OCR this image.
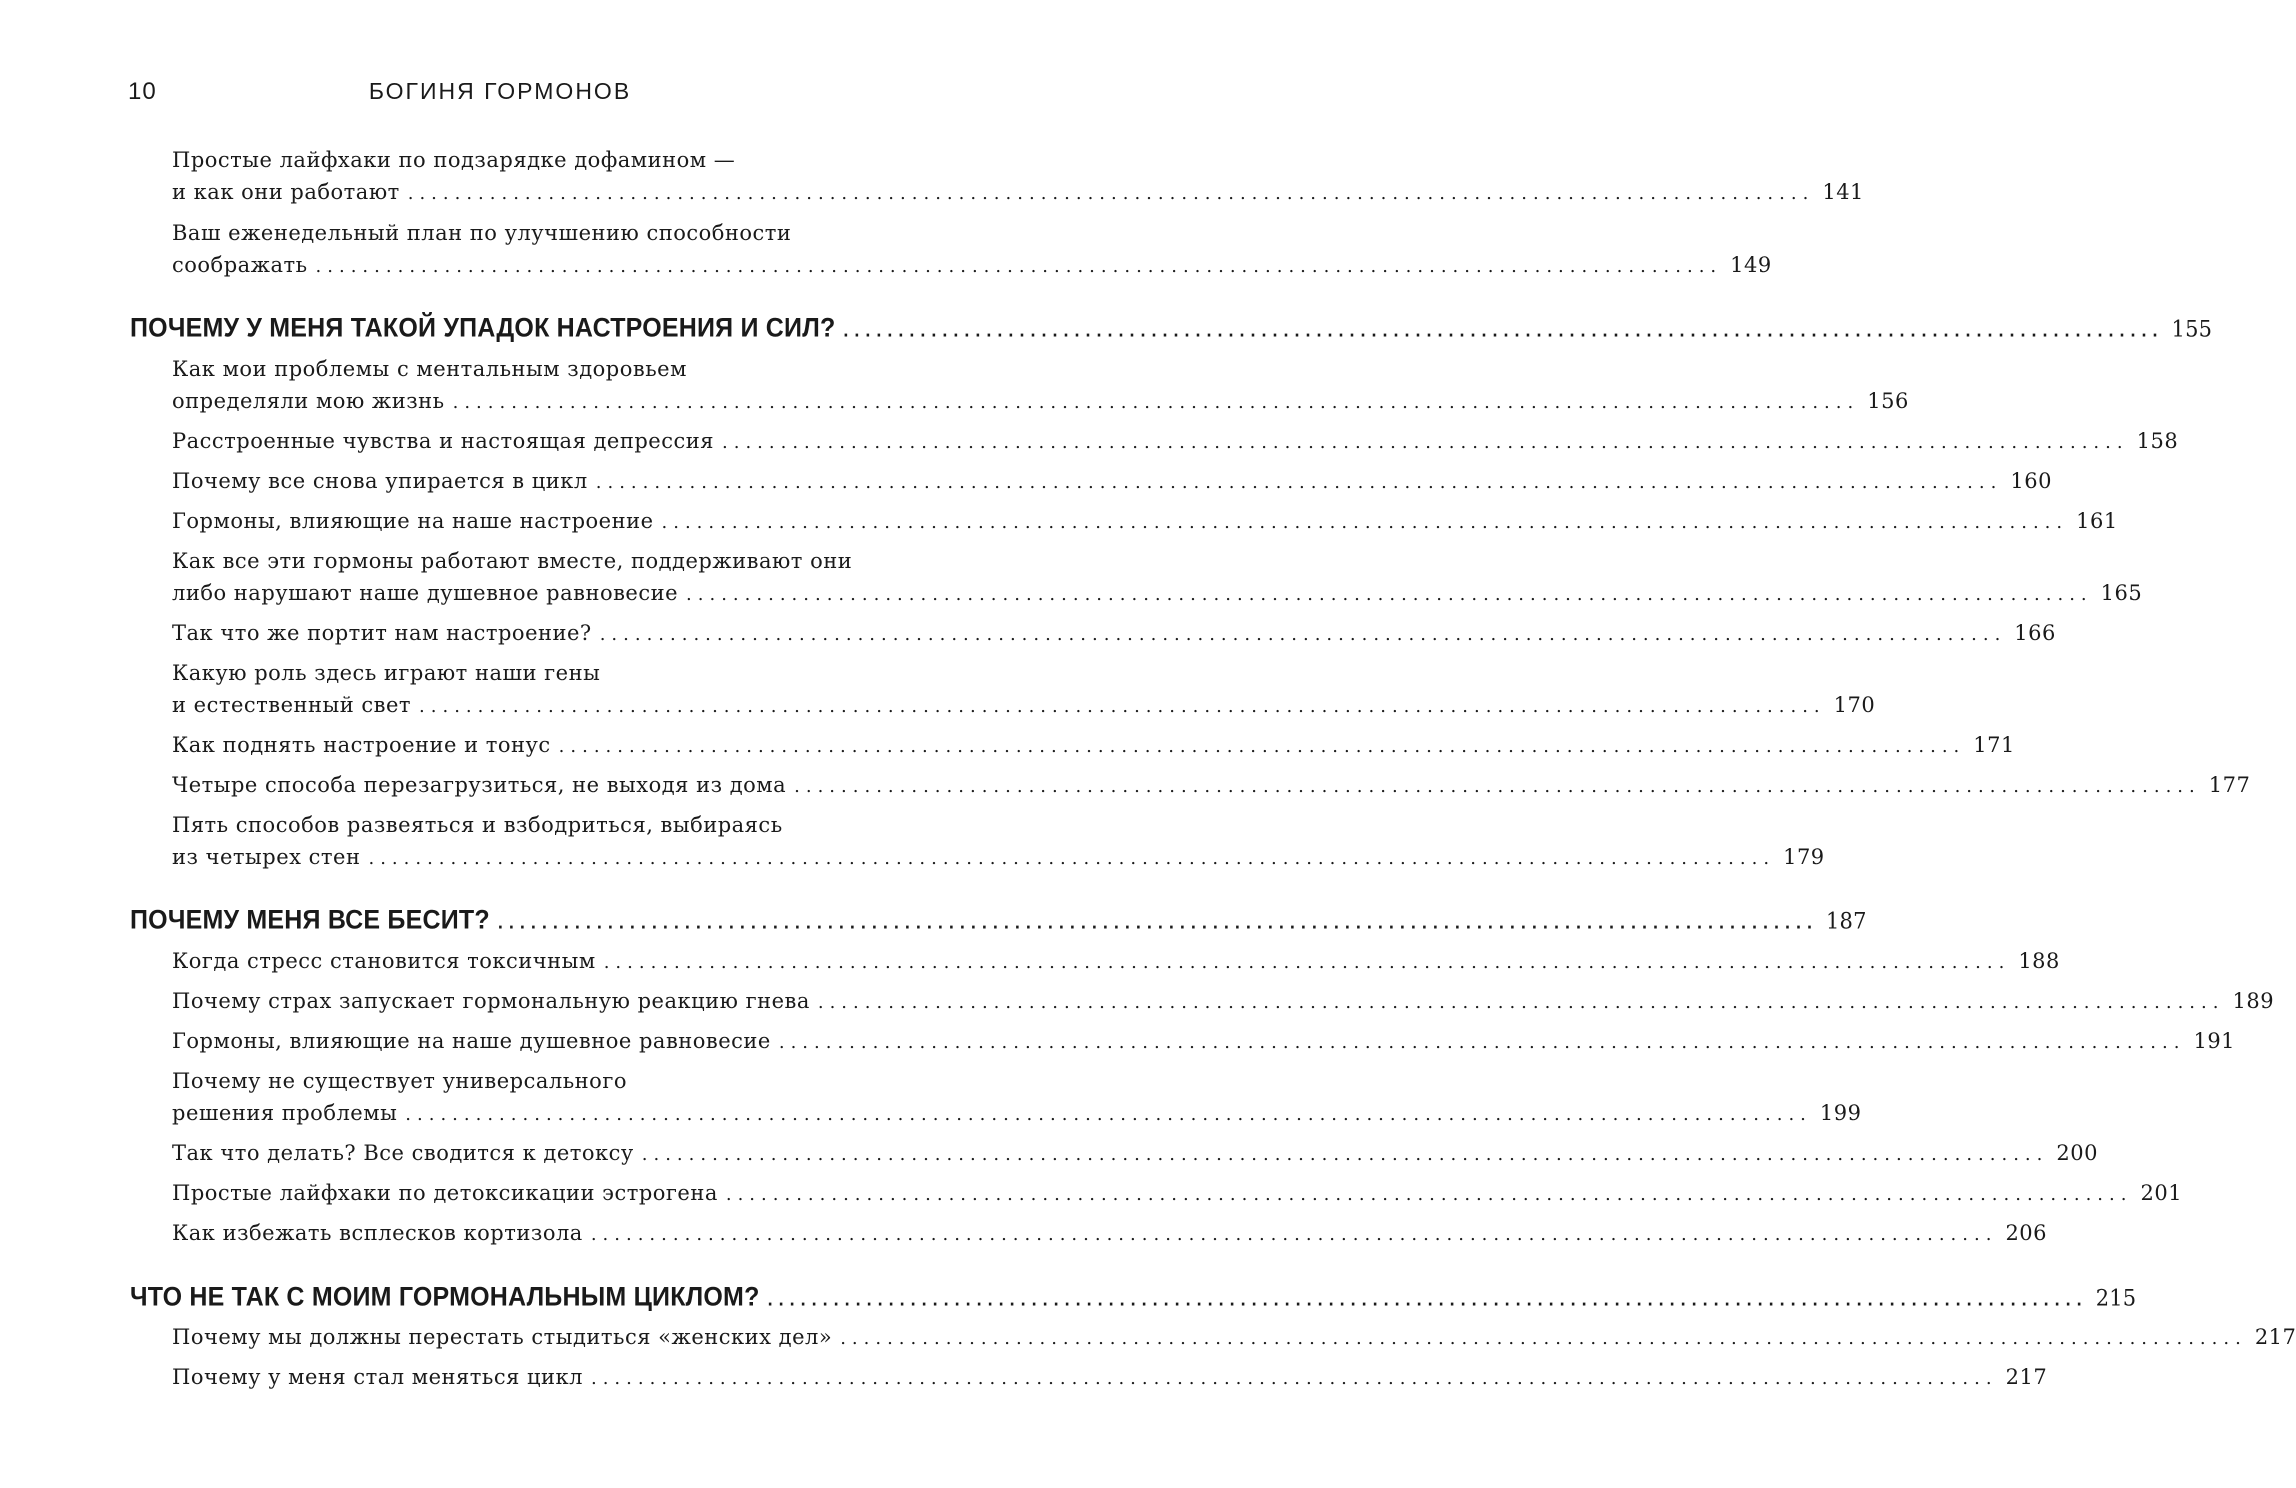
10	БОГИНЯ ГОРМОНОВ
Простые лайфхаки по подзарядке дофамином —
и как они работают ........................................................................................................................ 141
Ваш еженедельный план по улучшению способности
соображать ........................................................................................................................ 149
ПОЧЕМУ У МЕНЯ ТАКОЙ УПАДОК НАСТРОЕНИЯ И СИЛ? ........................................................................................................................ 155
Как мои проблемы с ментальным здоровьем
определяли мою жизнь ........................................................................................................................ 156
Расстроенные чувства и настоящая депрессия ........................................................................................................................ 158
Почему все снова упирается в цикл ........................................................................................................................ 160
Гормоны, влияющие на наше настроение ........................................................................................................................ 161
Как все эти гормоны работают вместе, поддерживают они
либо нарушают наше душевное равновесие ........................................................................................................................ 165
Так что же портит нам настроение? ........................................................................................................................ 166
Какую роль здесь играют наши гены
и естественный свет ........................................................................................................................ 170
Как поднять настроение и тонус ........................................................................................................................ 171
Четыре способа перезагрузиться, не выходя из дома ........................................................................................................................ 177
Пять способов развеяться и взбодриться, выбираясь
из четырех стен ........................................................................................................................ 179
ПОЧЕМУ МЕНЯ ВСЕ БЕСИТ? ........................................................................................................................ 187
Когда стресс становится токсичным ........................................................................................................................ 188
Почему страх запускает гормональную реакцию гнева ........................................................................................................................ 189
Гормоны, влияющие на наше душевное равновесие ........................................................................................................................ 191
Почему не существует универсального
решения проблемы ........................................................................................................................ 199
Так что делать? Все сводится к детоксу ........................................................................................................................ 200
Простые лайфхаки по детоксикации эстрогена ........................................................................................................................ 201
Как избежать всплесков кортизола ........................................................................................................................ 206
ЧТО НЕ ТАК С МОИМ ГОРМОНАЛЬНЫМ ЦИКЛОМ? ........................................................................................................................ 215
Почему мы должны перестать стыдиться «женских дел» ........................................................................................................................ 217
Почему у меня стал меняться цикл ........................................................................................................................ 217
